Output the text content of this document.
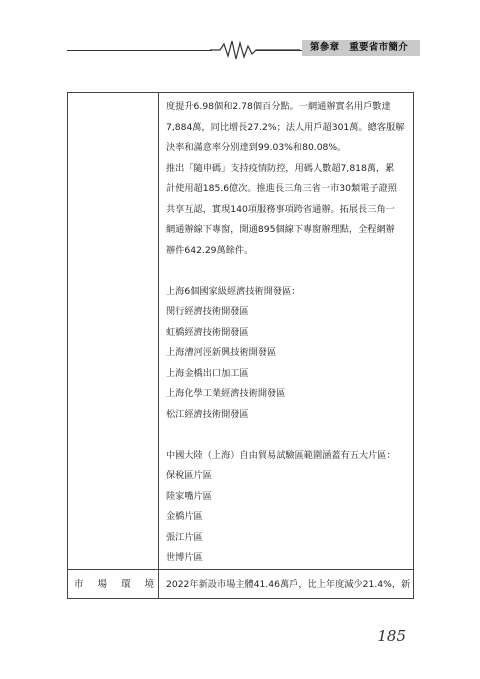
第參章　重要省市簡介
度提升6.98個和2.78個百分點。一網通辦實名用戶數達
7,884萬，同比增長27.2%；法人用戶超301萬。總客服解
決率和滿意率分別達到99.03%和80.08%。
推出「隨申碼」支持疫情防控，用碼人數超7,818萬，累
計使用超185.6億次。推進長三角三省一市30類電子證照
共享互認，實現140項服務事項跨省通辦。拓展長三角一
網通辦線下專窗，開通895個線下專窗辦理點，全程網辦
辦件642.29萬餘件。
上海6個國家級經濟技術開發區：
閔行經濟技術開發區
虹橋經濟技術開發區
上海漕河涇新興技術開發區
上海金橋出口加工區
上海化學工業經濟技術開發區
松江經濟技術開發區
中國大陸（上海）自由貿易試驗區範圍涵蓋有五大片區：
保稅區片區
陸家嘴片區
金橋片區
張江片區
世博片區
市 場 環 境 2022年新設市場主體41.46萬戶，比上年度減少21.4%，新
185
